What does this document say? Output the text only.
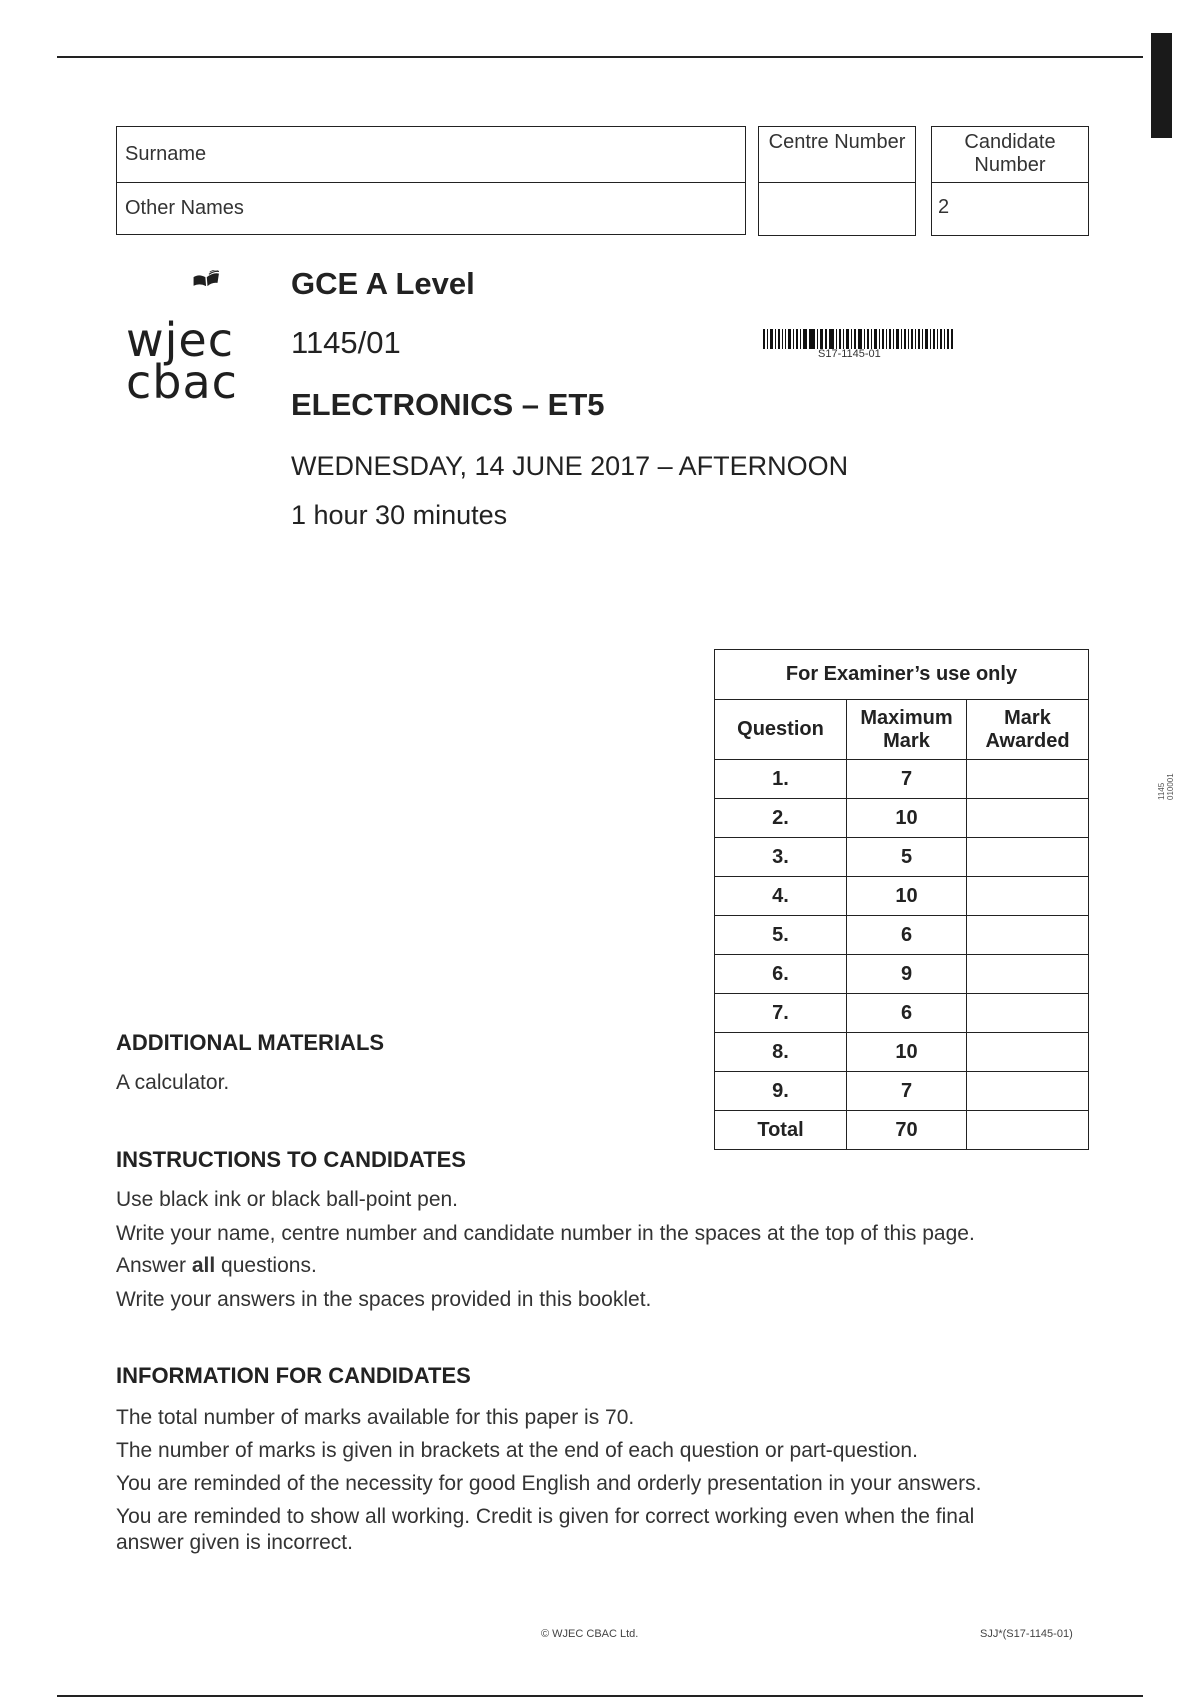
1145
010001
Surname
Other Names
Centre Number	Candidate Number
2
wjec
cbac
GCE A Level
1145/01
ELECTRONICS – ET5
WEDNESDAY, 14 JUNE 2017 – AFTERNOON
1 hour 30 minutes
S17-1145-01
For Examiner’s use only		
Question	Maximum Mark	Mark Awarded
1.	7	
2.	10	
3.	5	
4.	10	
5.	6	
6.	9	
7.	6	
8.	10	
9.	7	
Total	70	
ADDITIONAL MATERIALS
A calculator.
INSTRUCTIONS TO CANDIDATES
Use black ink or black ball-point pen.
Write your name, centre number and candidate number in the spaces at the top of this page.
Answer all questions.
Write your answers in the spaces provided in this booklet.
INFORMATION FOR CANDIDATES
The total number of marks available for this paper is 70.
The number of marks is given in brackets at the end of each question or part-question.
You are reminded of the necessity for good English and orderly presentation in your answers.
You are reminded to show all working. Credit is given for correct working even when the final
answer given is incorrect.
© WJEC CBAC Ltd.	SJJ*(S17-1145-01)
